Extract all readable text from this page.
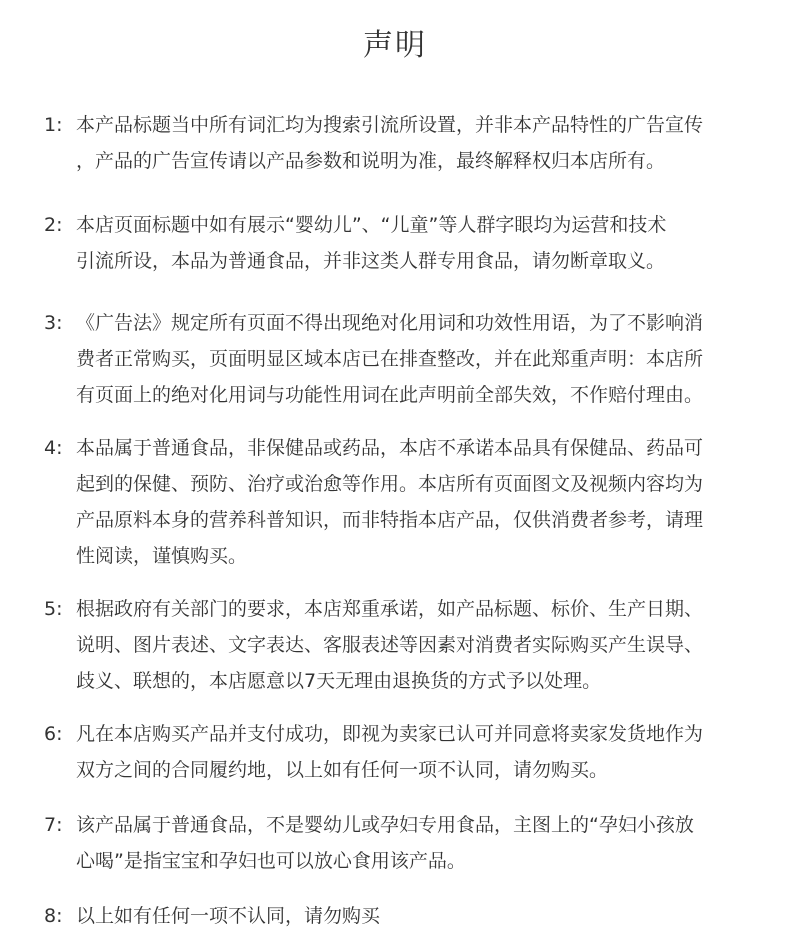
声明
1: 本产品标题当中所有词汇均为搜索引流所设置，并非本产品特性的广告宣传
，产品的广告宣传请以产品参数和说明为准，最终解释权归本店所有。
2: 本店页面标题中如有展示“婴幼儿”、“儿童”等人群字眼均为运营和技术
引流所设，本品为普通食品，并非这类人群专用食品，请勿断章取义。
3: 《广告法》规定所有页面不得出现绝对化用词和功效性用语，为了不影响消
费者正常购买，页面明显区域本店已在排查整改，并在此郑重声明：本店所
有页面上的绝对化用词与功能性用词在此声明前全部失效，不作赔付理由。
4: 本品属于普通食品，非保健品或药品，本店不承诺本品具有保健品、药品可
起到的保健、预防、治疗或治愈等作用。本店所有页面图文及视频内容均为
产品原料本身的营养科普知识，而非特指本店产品，仅供消费者参考，请理
性阅读，谨慎购买。
5: 根据政府有关部门的要求，本店郑重承诺，如产品标题、标价、生产日期、
说明、图片表述、文字表达、客服表述等因素对消费者实际购买产生误导、
歧义、联想的，本店愿意以7天无理由退换货的方式予以处理。
6: 凡在本店购买产品并支付成功，即视为卖家已认可并同意将卖家发货地作为
双方之间的合同履约地，以上如有任何一项不认同，请勿购买。
7: 该产品属于普通食品，不是婴幼儿或孕妇专用食品，主图上的“孕妇小孩放
心喝”是指宝宝和孕妇也可以放心食用该产品。
8: 以上如有任何一项不认同，请勿购买
